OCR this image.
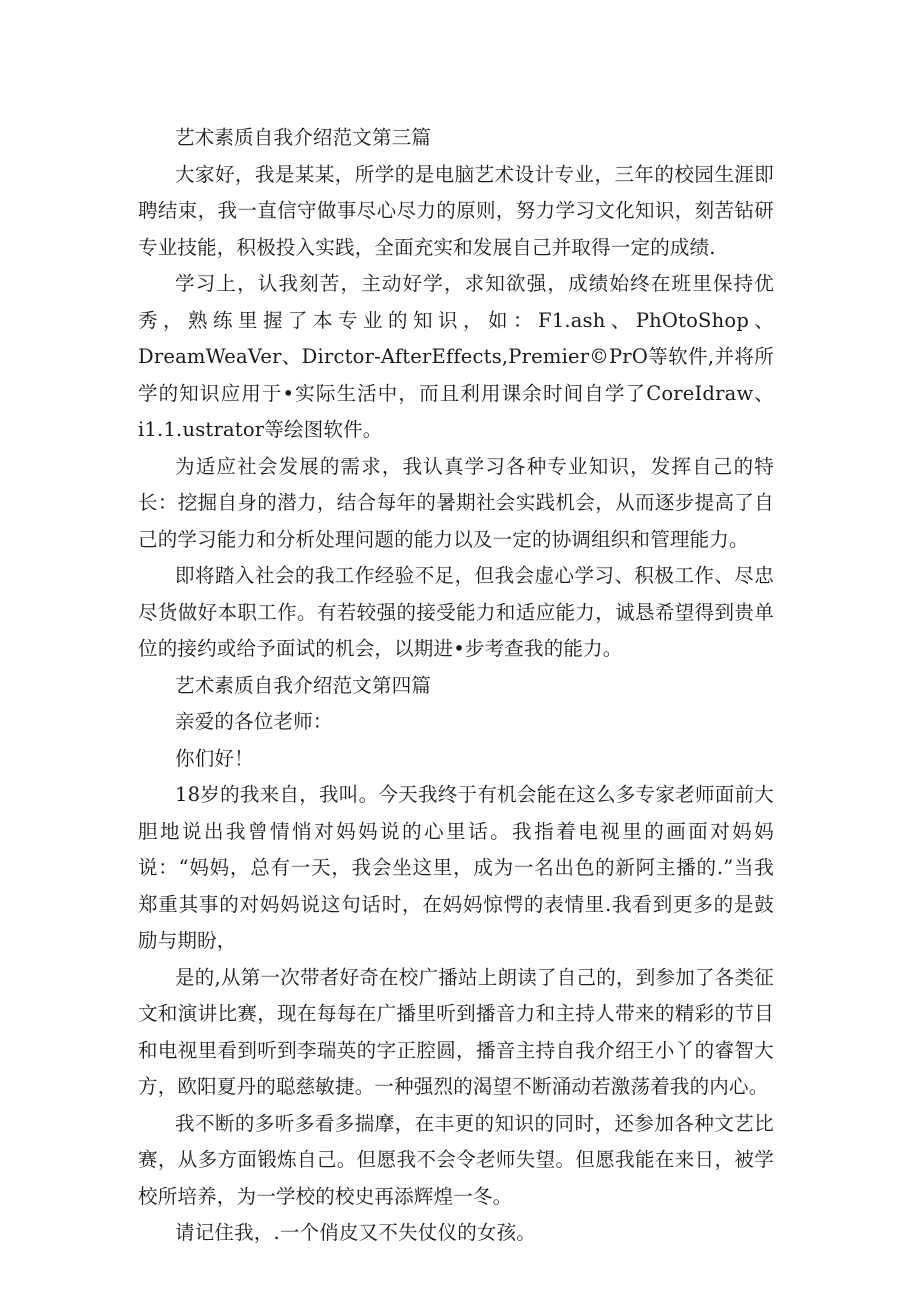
艺术素质自我介绍范文第三篇

大家好，我是某某，所学的是电脑艺术设计专业，三年的校园生涯即聘结束，我一直信守做事尽心尽力的原则，努力学习文化知识，刻苦钻研专业技能，积极投入实践，全面充实和发展自己并取得一定的成绩.

学习上，认我刻苦，主动好学，求知欲强，成绩始终在班里保持优秀，熟练里握了本专业的知识，如：F1.ash、PhOtoShop、DreamWeaVer、Dirctor-AfterEffects,Premier©PrO等软件,并将所学的知识应用于•实际生活中，而且利用课余时间自学了CoreIdraw、i1.1.ustrator等绘图软件。

为适应社会发展的需求，我认真学习各种专业知识，发挥自己的特长：挖掘自身的潜力，结合每年的暑期社会实践机会，从而逐步提高了自己的学习能力和分析处理问题的能力以及一定的协调组织和管理能力。

即将踏入社会的我工作经验不足，但我会虚心学习、积极工作、尽忠尽货做好本职工作。有若较强的接受能力和适应能力，诚恳希望得到贵单位的接约或给予面试的机会，以期进•步考查我的能力。

艺术素质自我介绍范文第四篇

亲爱的各位老师：

你们好！

18岁的我来自，我叫。今天我终于有机会能在这么多专家老师面前大胆地说出我曾情悄对妈妈说的心里话。我指着电视里的画面对妈妈说：“妈妈，总有一天，我会坐这里，成为一名出色的新阿主播的.”当我郑重其事的对妈妈说这句话时，在妈妈惊愕的表情里.我看到更多的是鼓励与期盼，

是的,从第一次带者好奇在校广播站上朗读了自己的，到参加了各类征文和演讲比赛，现在每每在广播里听到播音力和主持人带来的精彩的节目和电视里看到听到李瑞英的字正腔圆，播音主持自我介绍王小丫的睿智大方，欧阳夏丹的聪慈敏捷。一种强烈的渴望不断涌动若激荡着我的内心。

我不断的多听多看多揣摩，在丰更的知识的同时，还参加各种文艺比赛，从多方面锻炼自己。但愿我不会令老师失望。但愿我能在来日，被学校所培养，为一学校的校史再添辉煌一冬。

请记住我，.一个俏皮又不失仗仪的女孩。
